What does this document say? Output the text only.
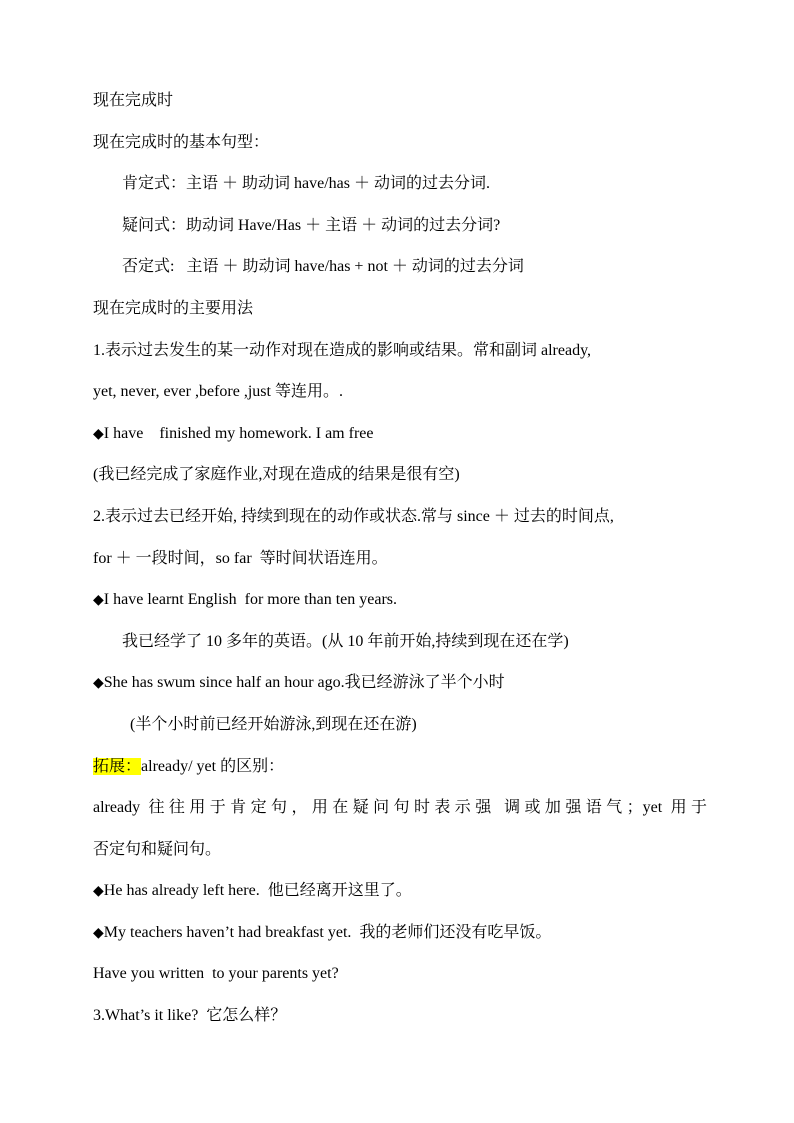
现在完成时
现在完成时的基本句型：
肯定式：主语 ＋ 助动词 have/has ＋ 动词的过去分词.
疑问式：助动词 Have/Has ＋ 主语 ＋ 动词的过去分词?
否定式:   主语 ＋ 助动词 have/has + not ＋ 动词的过去分词
现在完成时的主要用法
1.表示过去发生的某一动作对现在造成的影响或结果。常和副词 already,
yet, never, ever ,before ,just 等连用。.
◆I have    finished my homework. I am free
(我已经完成了家庭作业,对现在造成的结果是很有空)
2.表示过去已经开始, 持续到现在的动作或状态.常与 since ＋ 过去的时间点,
for ＋ 一段时间，so far  等时间状语连用。
◆I have learnt English  for more than ten years.
我已经学了 10 多年的英语。(从 10 年前开始,持续到现在还在学)
◆She has swum since half an hour ago.我已经游泳了半个小时
(半个小时前已经开始游泳,到现在还在游)
拓展：already/ yet 的区别：
already 往往用于肯定句，用在疑问句时表示强 调或加强语气；yet 用于
否定句和疑问句。
◆He has already left here.  他已经离开这里了。
◆My teachers haven’t had breakfast yet.  我的老师们还没有吃早饭。
Have you written  to your parents yet?
3.What’s it like?  它怎么样？
